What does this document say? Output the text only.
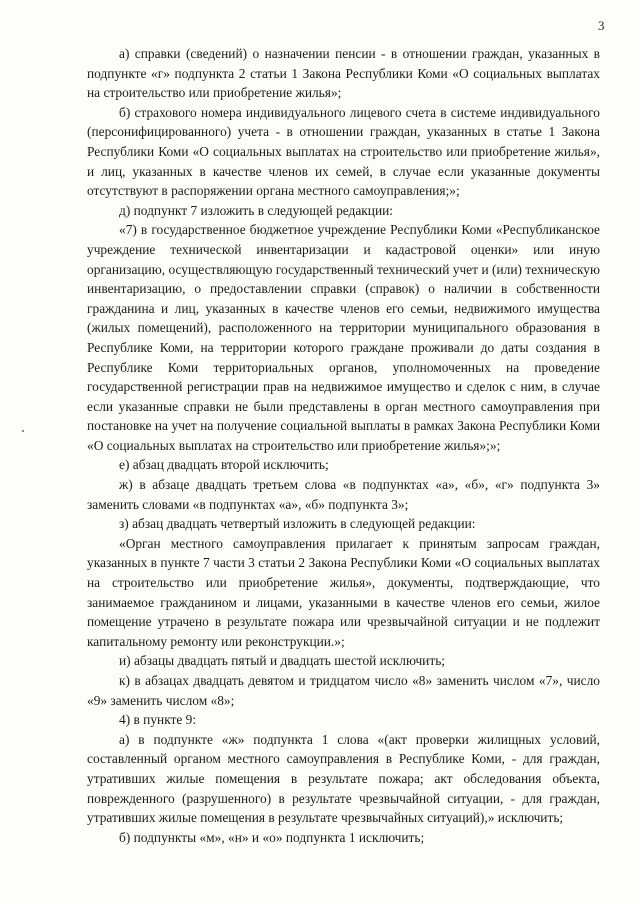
3

а) справки (сведений) о назначении пенсии - в отношении граждан, указанных в подпункте «г» подпункта 2 статьи 1 Закона Республики Коми «О социальных выплатах на строительство или приобретение жилья»;

б) страхового номера индивидуального лицевого счета в системе индивидуального (персонифицированного) учета - в отношении граждан, указанных в статье 1 Закона Республики Коми «О социальных выплатах на строительство или приобретение жилья», и лиц, указанных в качестве членов их семей, в случае если указанные документы отсутствуют в распоряжении органа местного самоуправления;»;

д) подпункт 7 изложить в следующей редакции:

«7) в государственное бюджетное учреждение Республики Коми «Республиканское учреждение технической инвентаризации и кадастровой оценки» или иную организацию, осуществляющую государственный технический учет и (или) техническую инвентаризацию, о предоставлении справки (справок) о наличии в собственности гражданина и лиц, указанных в качестве членов его семьи, недвижимого имущества (жилых помещений), расположенного на территории муниципального образования в Республике Коми, на территории которого граждане проживали до даты создания в Республике Коми территориальных органов, уполномоченных на проведение государственной регистрации прав на недвижимое имущество и сделок с ним, в случае если указанные справки не были представлены в орган местного самоуправления при постановке на учет на получение социальной выплаты в рамках Закона Республики Коми «О социальных выплатах на строительство или приобретение жилья»;»;

е) абзац двадцать второй исключить;

ж) в абзаце двадцать третьем слова «в подпунктах «а», «б», «г» подпункта 3» заменить словами «в подпунктах «а», «б» подпункта 3»;

з) абзац двадцать четвертый изложить в следующей редакции:

«Орган местного самоуправления прилагает к принятым запросам граждан, указанных в пункте 7 части 3 статьи 2 Закона Республики Коми «О социальных выплатах на строительство или приобретение жилья», документы, подтверждающие, что занимаемое гражданином и лицами, указанными в качестве членов его семьи, жилое помещение утрачено в результате пожара или чрезвычайной ситуации и не подлежит капитальному ремонту или реконструкции.»;

и) абзацы двадцать пятый и двадцать шестой исключить;

к) в абзацах двадцать девятом и тридцатом число «8» заменить числом «7», число «9» заменить числом «8»;

4) в пункте 9:

а) в подпункте «ж» подпункта 1 слова «(акт проверки жилищных условий, составленный органом местного самоуправления в Республике Коми, - для граждан, утративших жилые помещения в результате пожара; акт обследования объекта, поврежденного (разрушенного) в результате чрезвычайной ситуации, - для граждан, утративших жилые помещения в результате чрезвычайных ситуаций),» исключить;

б) подпункты «м», «н» и «о» подпункта 1 исключить;
